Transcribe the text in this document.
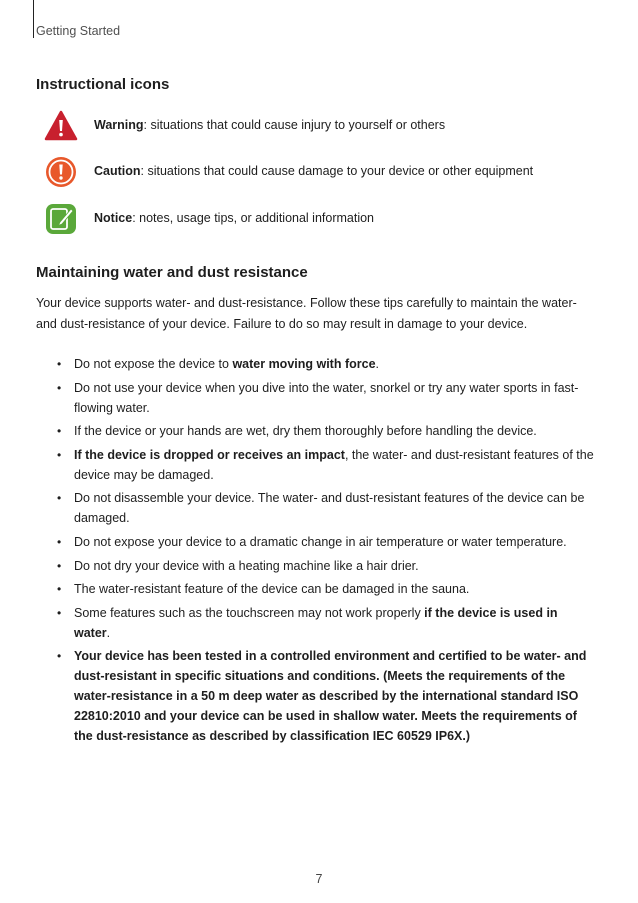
Getting Started
Instructional icons
Warning: situations that could cause injury to yourself or others
Caution: situations that could cause damage to your device or other equipment
Notice: notes, usage tips, or additional information
Maintaining water and dust resistance

Your device supports water- and dust-resistance. Follow these tips carefully to maintain the water- and dust-resistance of your device. Failure to do so may result in damage to your device.

• Do not expose the device to water moving with force.
• Do not use your device when you dive into the water, snorkel or try any water sports in fast-flowing water.
• If the device or your hands are wet, dry them thoroughly before handling the device.
• If the device is dropped or receives an impact, the water- and dust-resistant features of the device may be damaged.
• Do not disassemble your device. The water- and dust-resistant features of the device can be damaged.
• Do not expose your device to a dramatic change in air temperature or water temperature.
• Do not dry your device with a heating machine like a hair drier.
• The water-resistant feature of the device can be damaged in the sauna.
• Some features such as the touchscreen may not work properly if the device is used in water.
• Your device has been tested in a controlled environment and certified to be water- and dust-resistant in specific situations and conditions. (Meets the requirements of the water-resistance in a 50 m deep water as described by the international standard ISO 22810:2010 and your device can be used in shallow water. Meets the requirements of the dust-resistance as described by classification IEC 60529 IP6X.)
7
